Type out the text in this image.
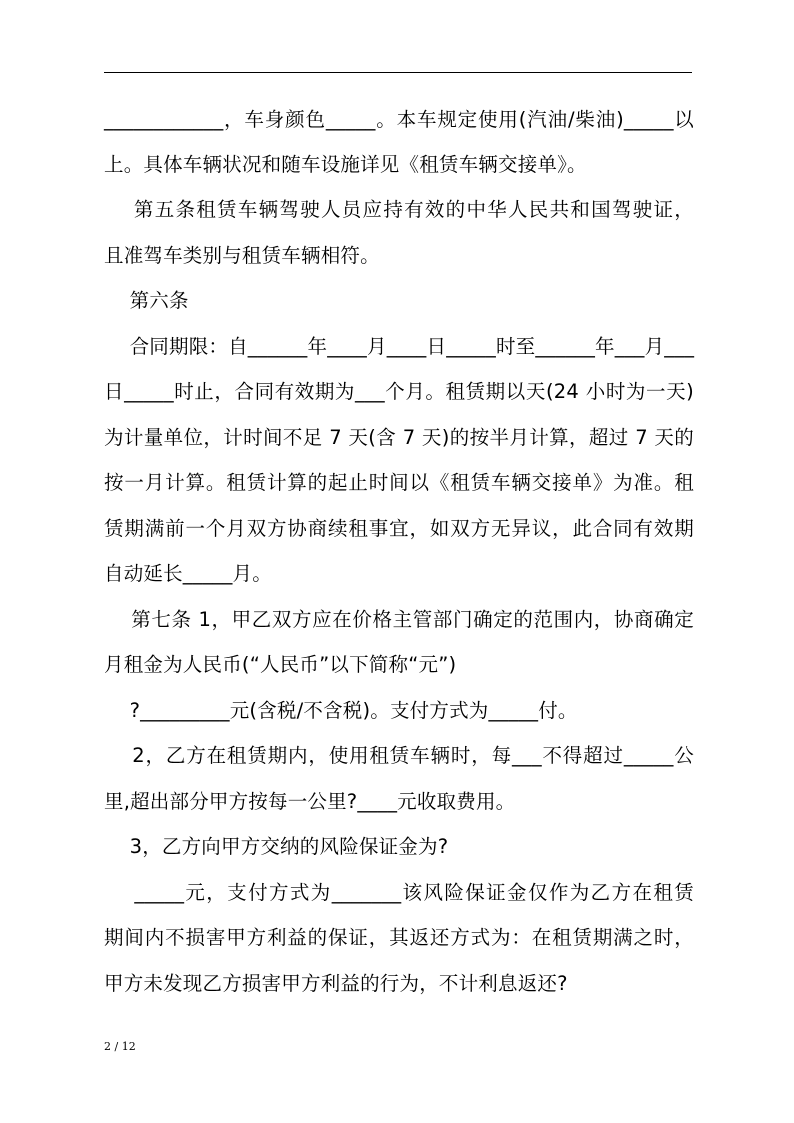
____________，车身颜色_____。本车规定使用(汽油/柴油)_____以
上。具体车辆状况和随车设施详见《租赁车辆交接单》。
第五条租赁车辆驾驶人员应持有效的中华人民共和国驾驶证，
且准驾车类别与租赁车辆相符。
第六条
合同期限：自______年____月____日_____时至______年___月___
日_____时止，合同有效期为___个月。租赁期以天(24 小时为一天)
为计量单位，计时间不足 7 天(含 7 天)的按半月计算，超过 7 天的
按一月计算。租赁计算的起止时间以《租赁车辆交接单》为准。租
赁期满前一个月双方协商续租事宜，如双方无异议，此合同有效期
自动延长_____月。
第七条 1，甲乙双方应在价格主管部门确定的范围内，协商确定
月租金为人民币(“人民币”以下简称“元”)
?_________元(含税/不含税)。支付方式为_____付。
2，乙方在租赁期内，使用租赁车辆时，每___不得超过_____公
里,超出部分甲方按每一公里?____元收取费用。
3，乙方向甲方交纳的风险保证金为?
_____元，支付方式为_______该风险保证金仅作为乙方在租赁
期间内不损害甲方利益的保证，其返还方式为：在租赁期满之时，
甲方未发现乙方损害甲方利益的行为，不计利息返还?
2 / 12
